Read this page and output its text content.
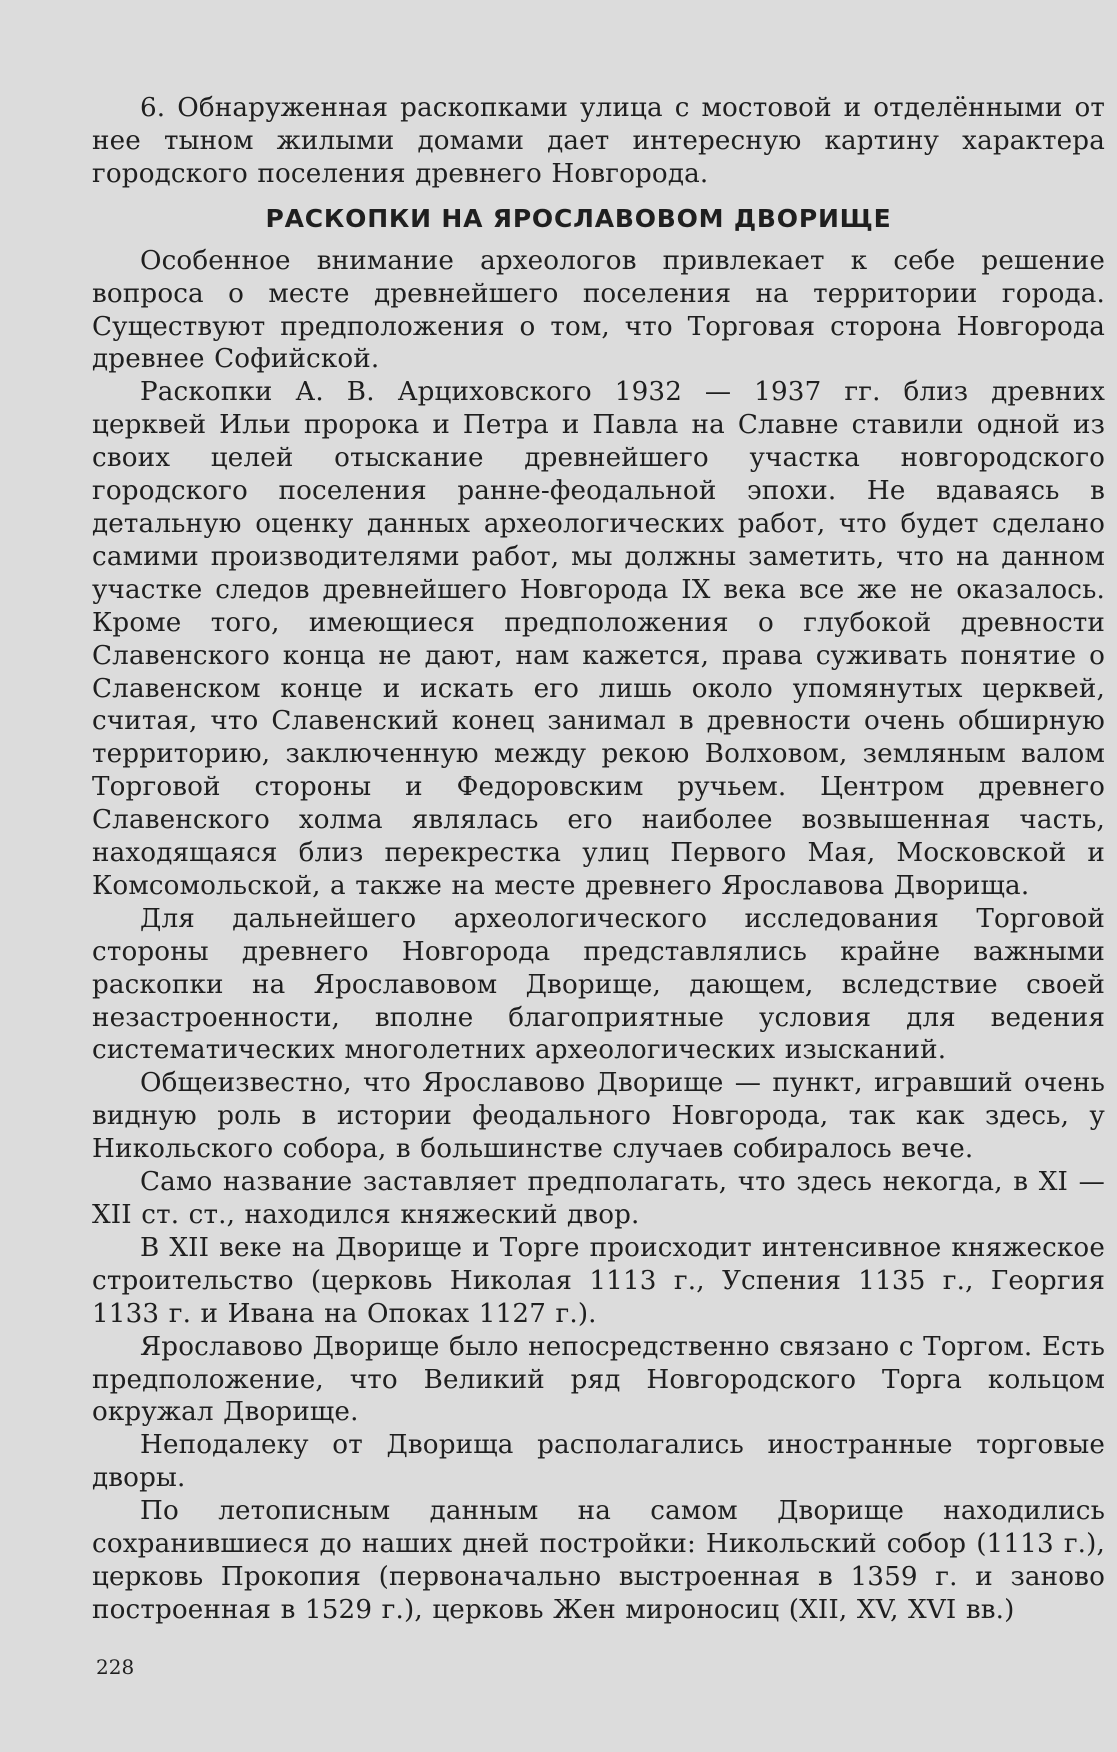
6. Обнаруженная раскопками улица с мостовой и отделёнными от нее тыном жилыми домами дает интересную картину характера городского поселения древнего Новгорода.

РАСКОПКИ НА ЯРОСЛАВОВОМ ДВОРИЩЕ

Особенное внимание археологов привлекает к себе решение вопроса о месте древнейшего поселения на территории города. Существуют предположения о том, что Торговая сторона Новгорода древнее Софийской.

Раскопки А. В. Арциховского 1932 — 1937 гг. близ древних церквей Ильи пророка и Петра и Павла на Славне ставили одной из своих целей отыскание древнейшего участка новгородского городского поселения ранне-феодальной эпохи. Не вдаваясь в детальную оценку данных археологических работ, что будет сделано самими производителями работ, мы должны заметить, что на данном участке следов древнейшего Новгорода IX века все же не оказалось. Кроме того, имеющиеся предположения о глубокой древности Славенского конца не дают, нам кажется, права суживать понятие о Славенском конце и искать его лишь около упомянутых церквей, считая, что Славенский конец занимал в древности очень обширную территорию, заключенную между рекою Волховом, земляным валом Торговой стороны и Федоровским ручьем. Центром древнего Славенского холма являлась его наиболее возвышенная часть, находящаяся близ перекрестка улиц Первого Мая, Московской и Комсомольской, а также на месте древнего Ярославова Дворища.

Для дальнейшего археологического исследования Торговой стороны древнего Новгорода представлялись крайне важными раскопки на Ярославовом Дворище, дающем, вследствие своей незастроенности, вполне благоприятные условия для ведения систематических многолетних археологических изысканий.

Общеизвестно, что Ярославово Дворище — пункт, игравший очень видную роль в истории феодального Новгорода, так как здесь, у Никольского собора, в большинстве случаев собиралось вече.

Само название заставляет предполагать, что здесь некогда, в XI — XII ст. ст., находился княжеский двор.

В XII веке на Дворище и Торге происходит интенсивное княжеское строительство (церковь Николая 1113 г., Успения 1135 г., Георгия 1133 г. и Ивана на Опоках 1127 г.).

Ярославово Дворище было непосредственно связано с Торгом. Есть предположение, что Великий ряд Новгородского Торга кольцом окружал Дворище.

Неподалеку от Дворища располагались иностранные торговые дворы.

По летописным данным на самом Дворище находились сохранившиеся до наших дней постройки: Никольский собор (1113 г.), церковь Прокопия (первоначально выстроенная в 1359 г. и заново построенная в 1529 г.), церковь Жен мироносиц (XII, XV, XVI вв.)

228
